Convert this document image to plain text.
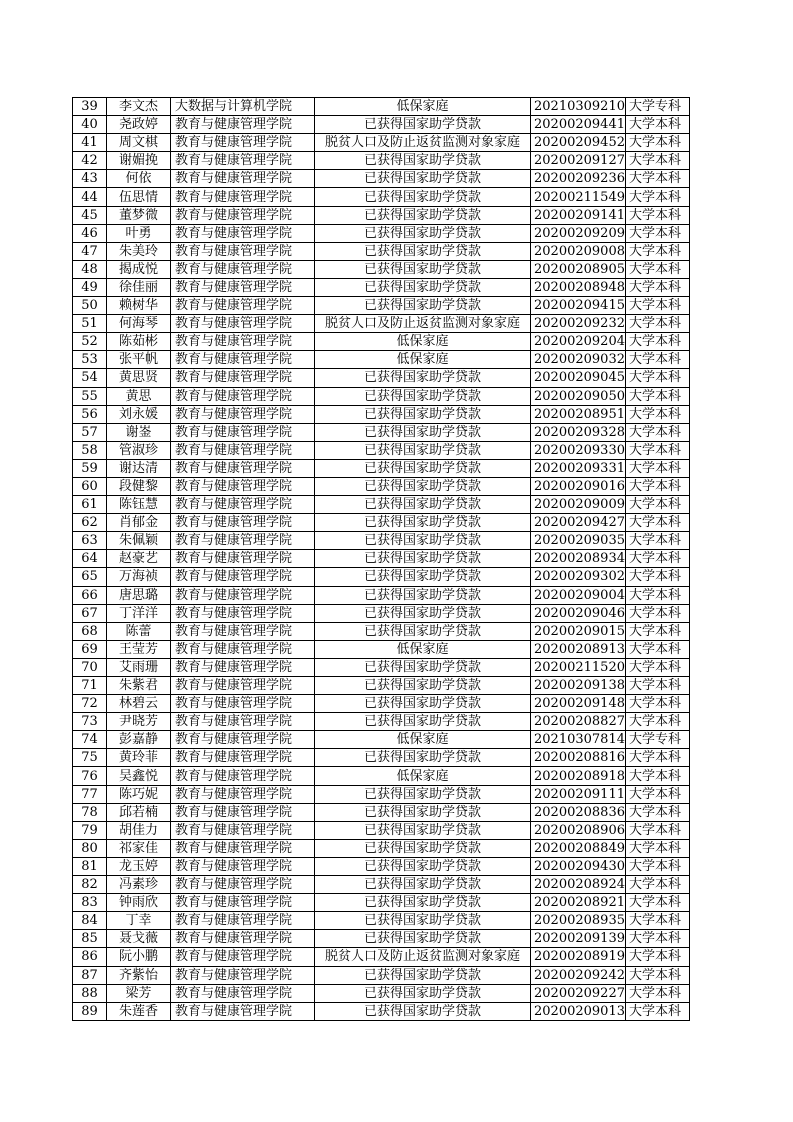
39	李文杰	大数据与计算机学院	低保家庭	20210309210	大学专科
40	尧政婷	教育与健康管理学院	已获得国家助学贷款	20200209441	大学本科
41	周文棋	教育与健康管理学院	脱贫人口及防止返贫监测对象家庭	20200209452	大学本科
42	谢媚挽	教育与健康管理学院	已获得国家助学贷款	20200209127	大学本科
43	何依	教育与健康管理学院	已获得国家助学贷款	20200209236	大学本科
44	伍思情	教育与健康管理学院	已获得国家助学贷款	20200211549	大学本科
45	董梦微	教育与健康管理学院	已获得国家助学贷款	20200209141	大学本科
46	叶勇	教育与健康管理学院	已获得国家助学贷款	20200209209	大学本科
47	朱美玲	教育与健康管理学院	已获得国家助学贷款	20200209008	大学本科
48	揭成悦	教育与健康管理学院	已获得国家助学贷款	20200208905	大学本科
49	徐佳丽	教育与健康管理学院	已获得国家助学贷款	20200208948	大学本科
50	赖树华	教育与健康管理学院	已获得国家助学贷款	20200209415	大学本科
51	何海琴	教育与健康管理学院	脱贫人口及防止返贫监测对象家庭	20200209232	大学本科
52	陈茹彬	教育与健康管理学院	低保家庭	20200209204	大学本科
53	张平帆	教育与健康管理学院	低保家庭	20200209032	大学本科
54	黄思贤	教育与健康管理学院	已获得国家助学贷款	20200209045	大学本科
55	黄思	教育与健康管理学院	已获得国家助学贷款	20200209050	大学本科
56	刘永媛	教育与健康管理学院	已获得国家助学贷款	20200208951	大学本科
57	谢崟	教育与健康管理学院	已获得国家助学贷款	20200209328	大学本科
58	管淑珍	教育与健康管理学院	已获得国家助学贷款	20200209330	大学本科
59	谢达清	教育与健康管理学院	已获得国家助学贷款	20200209331	大学本科
60	段健黎	教育与健康管理学院	已获得国家助学贷款	20200209016	大学本科
61	陈钰慧	教育与健康管理学院	已获得国家助学贷款	20200209009	大学本科
62	肖郁金	教育与健康管理学院	已获得国家助学贷款	20200209427	大学本科
63	朱佩颖	教育与健康管理学院	已获得国家助学贷款	20200209035	大学本科
64	赵豪艺	教育与健康管理学院	已获得国家助学贷款	20200208934	大学本科
65	万海祯	教育与健康管理学院	已获得国家助学贷款	20200209302	大学本科
66	唐思璐	教育与健康管理学院	已获得国家助学贷款	20200209004	大学本科
67	丁洋洋	教育与健康管理学院	已获得国家助学贷款	20200209046	大学本科
68	陈蕾	教育与健康管理学院	已获得国家助学贷款	20200209015	大学本科
69	王莹芳	教育与健康管理学院	低保家庭	20200208913	大学本科
70	艾雨珊	教育与健康管理学院	已获得国家助学贷款	20200211520	大学本科
71	朱紫君	教育与健康管理学院	已获得国家助学贷款	20200209138	大学本科
72	林碧云	教育与健康管理学院	已获得国家助学贷款	20200209148	大学本科
73	尹晓芳	教育与健康管理学院	已获得国家助学贷款	20200208827	大学本科
74	彭嘉静	教育与健康管理学院	低保家庭	20210307814	大学专科
75	黄玲菲	教育与健康管理学院	已获得国家助学贷款	20200208816	大学本科
76	吴鑫悦	教育与健康管理学院	低保家庭	20200208918	大学本科
77	陈巧妮	教育与健康管理学院	已获得国家助学贷款	20200209111	大学本科
78	邱若楠	教育与健康管理学院	已获得国家助学贷款	20200208836	大学本科
79	胡佳力	教育与健康管理学院	已获得国家助学贷款	20200208906	大学本科
80	祁家佳	教育与健康管理学院	已获得国家助学贷款	20200208849	大学本科
81	龙玉婷	教育与健康管理学院	已获得国家助学贷款	20200209430	大学本科
82	冯素珍	教育与健康管理学院	已获得国家助学贷款	20200208924	大学本科
83	钟雨欣	教育与健康管理学院	已获得国家助学贷款	20200208921	大学本科
84	丁幸	教育与健康管理学院	已获得国家助学贷款	20200208935	大学本科
85	聂戈薇	教育与健康管理学院	已获得国家助学贷款	20200209139	大学本科
86	阮小鹏	教育与健康管理学院	脱贫人口及防止返贫监测对象家庭	20200208919	大学本科
87	齐紫怡	教育与健康管理学院	已获得国家助学贷款	20200209242	大学本科
88	梁芳	教育与健康管理学院	已获得国家助学贷款	20200209227	大学本科
89	朱莲香	教育与健康管理学院	已获得国家助学贷款	20200209013	大学本科
